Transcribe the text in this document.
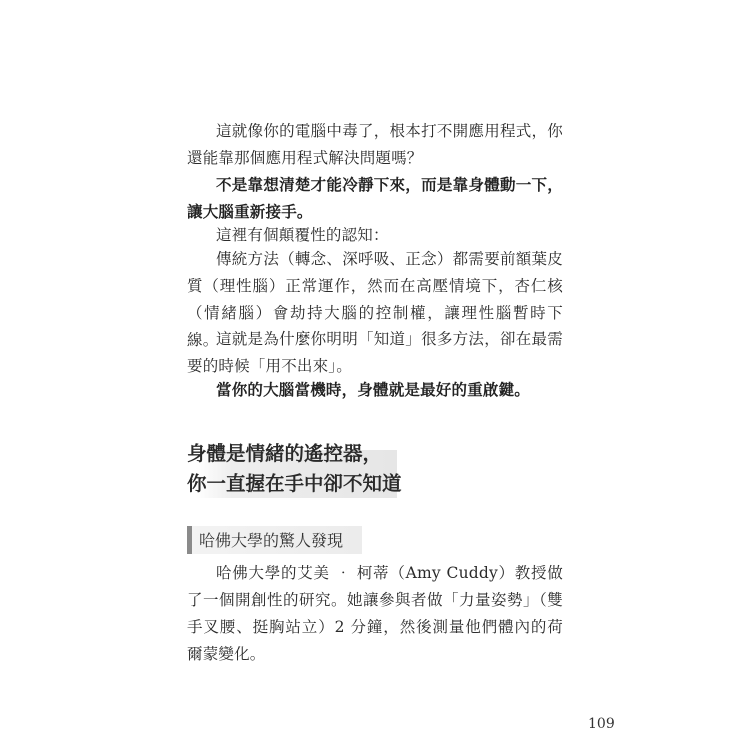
這就像你的電腦中毒了，根本打不開應用程式，你還能靠那個應用程式解決問題嗎？

不是靠想清楚才能冷靜下來，而是靠身體動一下，讓大腦重新接手。

這裡有個顛覆性的認知：

傳統方法（轉念、深呼吸、正念）都需要前額葉皮質（理性腦）正常運作，然而在高壓情境下，杏仁核（情緒腦）會劫持大腦的控制權，讓理性腦暫時下線。

這就是為什麼你明明「知道」很多方法，卻在最需要的時候「用不出來」。

當你的大腦當機時，身體就是最好的重啟鍵。

身體是情緒的遙控器，
你一直握在手中卻不知道
哈佛大學的驚人發現

哈佛大學的艾美 ‧ 柯蒂（Amy Cuddy）教授做了一個開創性的研究。她讓參與者做「力量姿勢」（雙手叉腰、挺胸站立）2 分鐘，然後測量他們體內的荷爾蒙變化。

109
